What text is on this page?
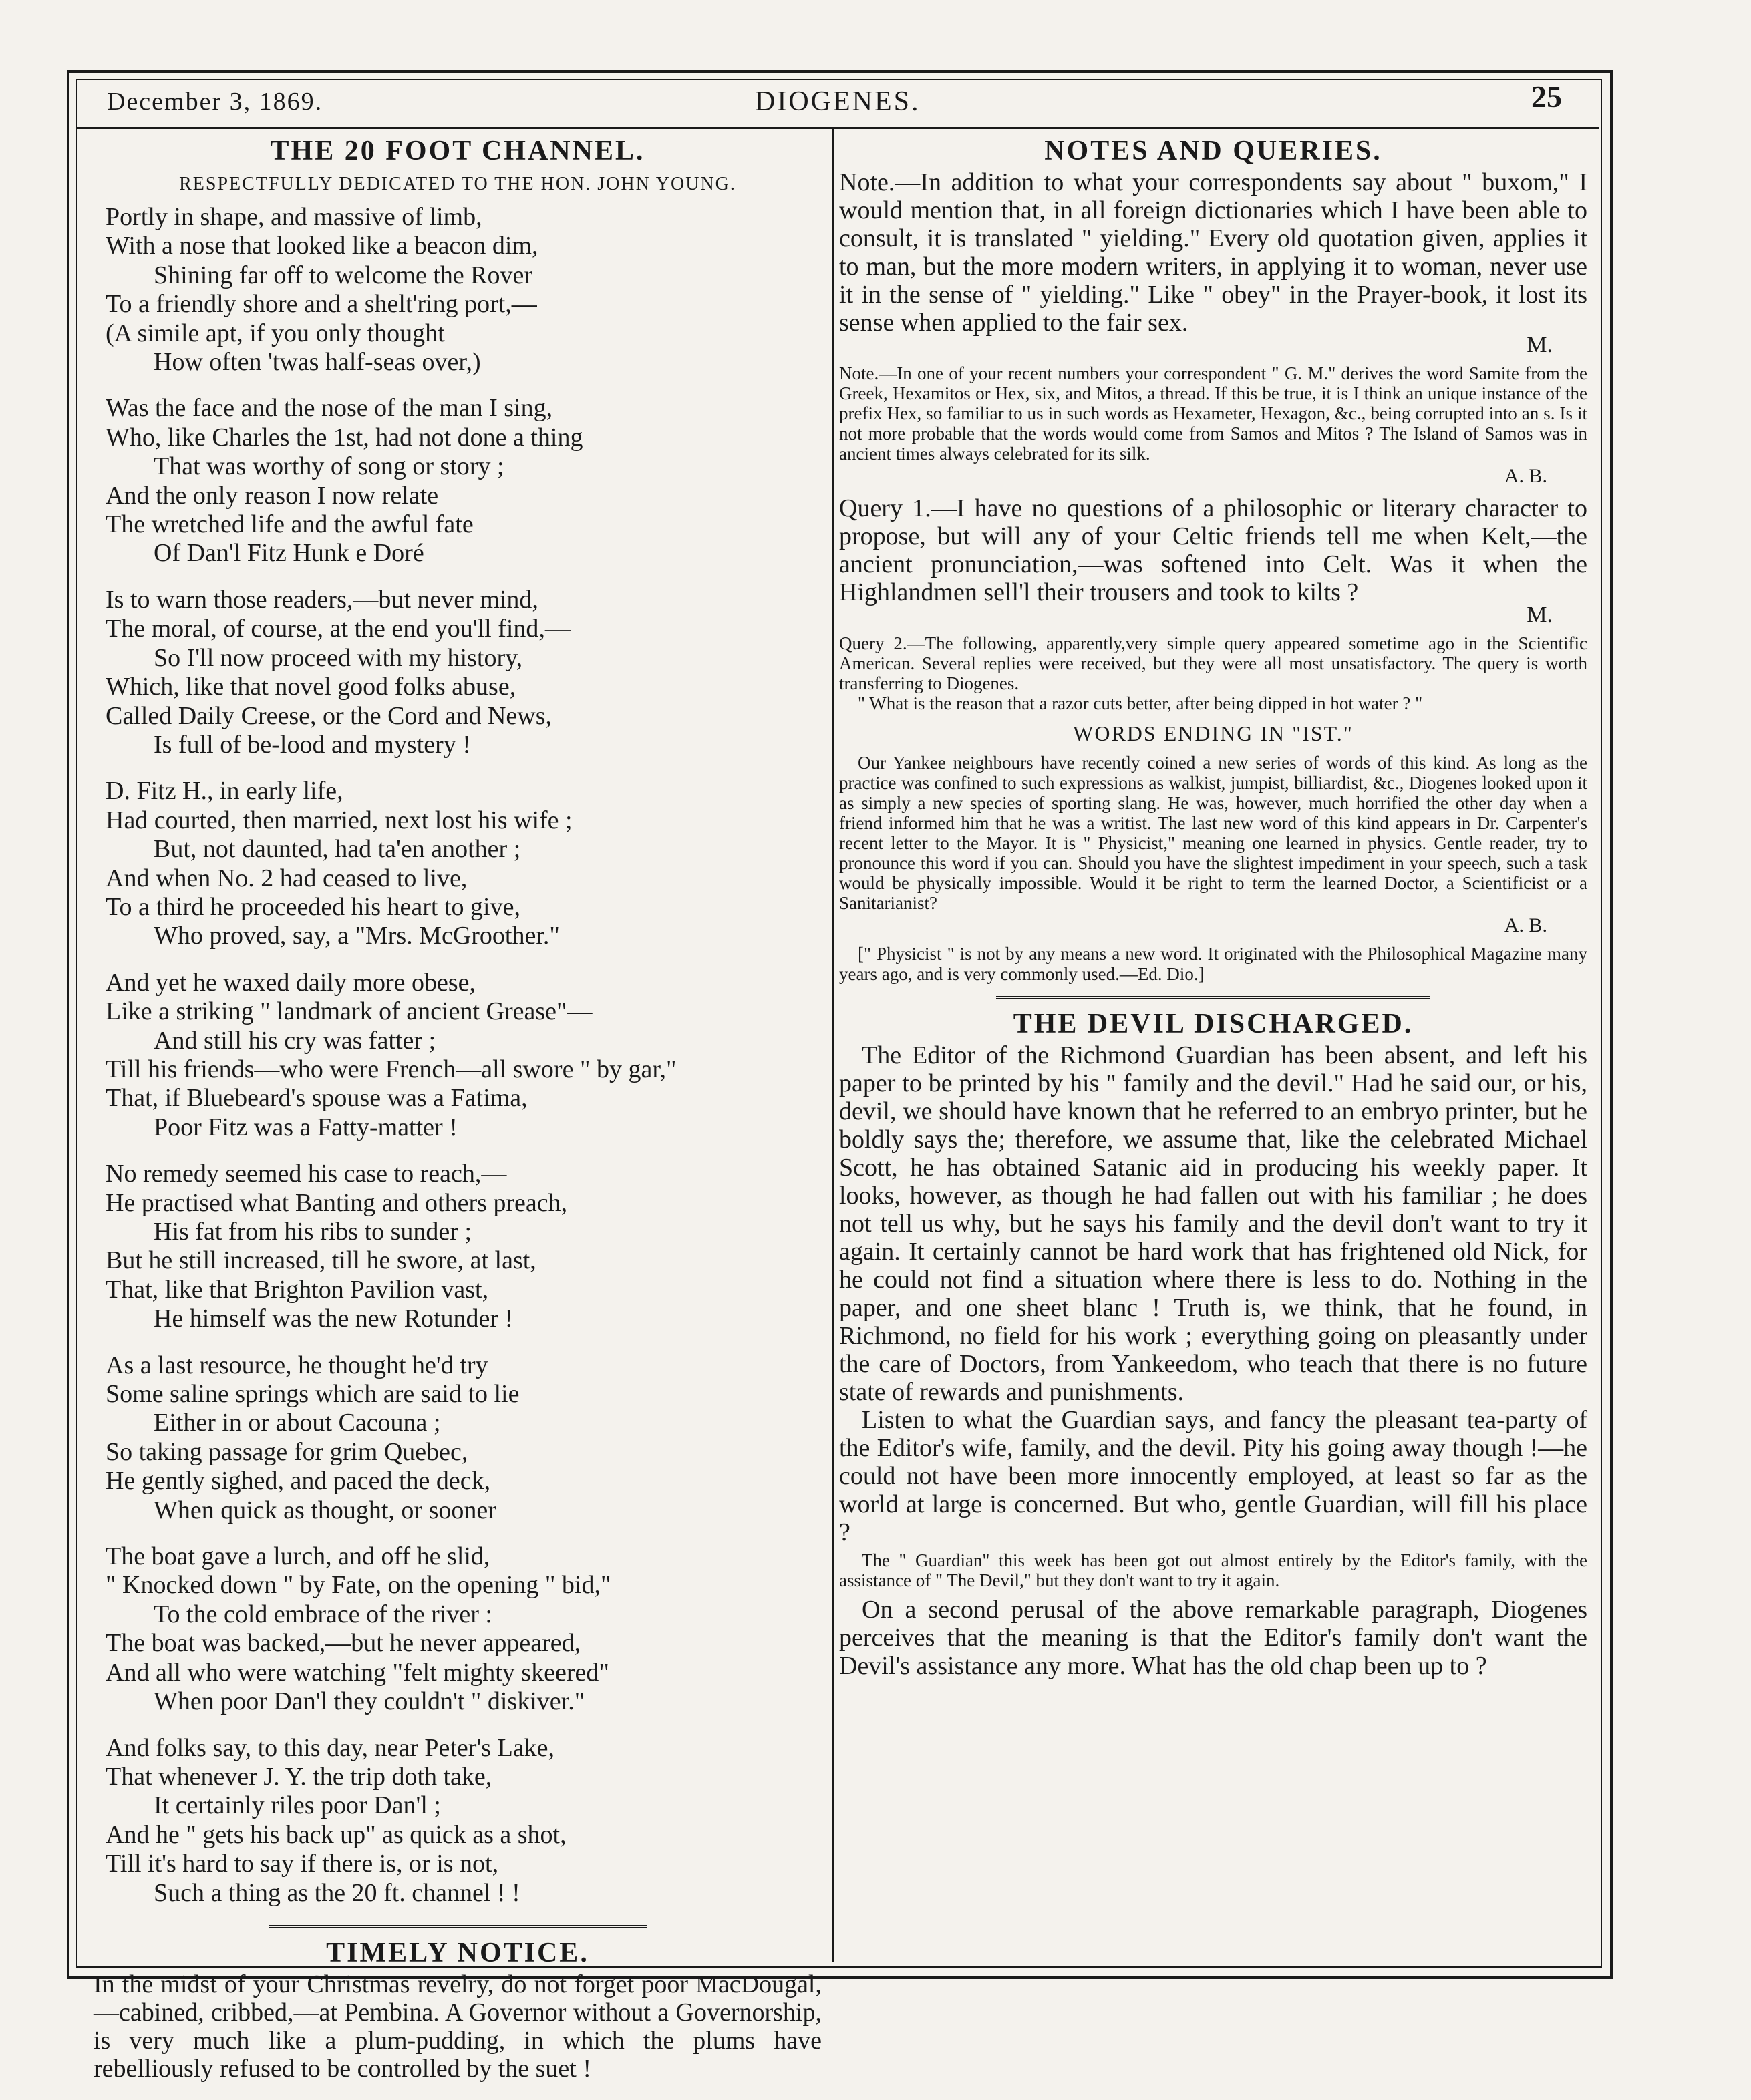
December 3, 1869.	DIOGENES.	25
THE 20 FOOT CHANNEL.
RESPECTFULLY DEDICATED TO THE HON. JOHN YOUNG.
Portly in shape, and massive of limb,
With a nose that looked like a beacon dim,
Shining far off to welcome the Rover
To a friendly shore and a shelt'ring port,—
(A simile apt, if you only thought
How often 'twas half-seas over,)
Was the face and the nose of the man I sing,
Who, like Charles the 1st, had not done a thing
That was worthy of song or story ;
And the only reason I now relate
The wretched life and the awful fate
Of Dan'l Fitz Hunk e Doré
Is to warn those readers,—but never mind,
The moral, of course, at the end you'll find,—
So I'll now proceed with my history,
Which, like that novel good folks abuse,
Called Daily Creese, or the Cord and News,
Is full of be-lood and mystery !
D. Fitz H., in early life,
Had courted, then married, next lost his wife ;
But, not daunted, had ta'en another ;
And when No. 2 had ceased to live,
To a third he proceeded his heart to give,
Who proved, say, a "Mrs. McGroother."
And yet he waxed daily more obese,
Like a striking " landmark of ancient Grease"—
And still his cry was fatter ;
Till his friends—who were French—all swore " by gar,"
That, if Bluebeard's spouse was a Fatima,
Poor Fitz was a Fatty-matter !
No remedy seemed his case to reach,—
He practised what Banting and others preach,
His fat from his ribs to sunder ;
But he still increased, till he swore, at last,
That, like that Brighton Pavilion vast,
He himself was the new Rotunder !
As a last resource, he thought he'd try
Some saline springs which are said to lie
Either in or about Cacouna ;
So taking passage for grim Quebec,
He gently sighed, and paced the deck,
When quick as thought, or sooner
The boat gave a lurch, and off he slid,
" Knocked down " by Fate, on the opening " bid,"
To the cold embrace of the river :
The boat was backed,—but he never appeared,
And all who were watching "felt mighty skeered"
When poor Dan'l they couldn't " diskiver."
And folks say, to this day, near Peter's Lake,
That whenever J. Y. the trip doth take,
It certainly riles poor Dan'l ;
And he " gets his back up" as quick as a shot,
Till it's hard to say if there is, or is not,
Such a thing as the 20 ft. channel ! !
TIMELY NOTICE.

In the midst of your Christmas revelry, do not forget poor MacDougal,—cabined, cribbed,—at Pembina. A Governor without a Governorship, is very much like a plum-pudding, in which the plums have rebelliously refused to be controlled by the suet !

NOTES AND QUERIES.

Note.—In addition to what your correspondents say about " buxom," I would mention that, in all foreign dictionaries which I have been able to consult, it is translated " yielding." Every old quotation given, applies it to man, but the more modern writers, in applying it to woman, never use it in the sense of " yielding." Like " obey" in the Prayer-book, it lost its sense when applied to the fair sex.

M.

Note.—In one of your recent numbers your correspondent " G. M." derives the word Samite from the Greek, Hexamitos or Hex, six, and Mitos, a thread. If this be true, it is I think an unique instance of the prefix Hex, so familiar to us in such words as Hexameter, Hexagon, &c., being corrupted into an s. Is it not more probable that the words would come from Samos and Mitos ? The Island of Samos was in ancient times always celebrated for its silk.

A. B.

Query 1.—I have no questions of a philosophic or literary character to propose, but will any of your Celtic friends tell me when Kelt,—the ancient pronunciation,—was softened into Celt. Was it when the Highlandmen sell'l their trousers and took to kilts ?

M.

Query 2.—The following, apparently,very simple query appeared sometime ago in the Scientific American. Several replies were received, but they were all most unsatisfactory. The query is worth transferring to Diogenes.

" What is the reason that a razor cuts better, after being dipped in hot water ? "

WORDS ENDING IN "IST."

Our Yankee neighbours have recently coined a new series of words of this kind. As long as the practice was confined to such expressions as walkist, jumpist, billiardist, &c., Diogenes looked upon it as simply a new species of sporting slang. He was, however, much horrified the other day when a friend informed him that he was a writist. The last new word of this kind appears in Dr. Carpenter's recent letter to the Mayor. It is " Physicist," meaning one learned in physics. Gentle reader, try to pronounce this word if you can. Should you have the slightest impediment in your speech, such a task would be physically impossible. Would it be right to term the learned Doctor, a Scientificist or a Sanitarianist?

A. B.

[" Physicist " is not by any means a new word. It originated with the Philosophical Magazine many years ago, and is very commonly used.—Ed. Dio.]

THE DEVIL DISCHARGED.

The Editor of the Richmond Guardian has been absent, and left his paper to be printed by his " family and the devil." Had he said our, or his, devil, we should have known that he referred to an embryo printer, but he boldly says the; therefore, we assume that, like the celebrated Michael Scott, he has obtained Satanic aid in producing his weekly paper. It looks, however, as though he had fallen out with his familiar ; he does not tell us why, but he says his family and the devil don't want to try it again. It certainly cannot be hard work that has frightened old Nick, for he could not find a situation where there is less to do. Nothing in the paper, and one sheet blanc ! Truth is, we think, that he found, in Richmond, no field for his work ; everything going on pleasantly under the care of Doctors, from Yankeedom, who teach that there is no future state of rewards and punishments.

Listen to what the Guardian says, and fancy the pleasant tea-party of the Editor's wife, family, and the devil. Pity his going away though !—he could not have been more innocently employed, at least so far as the world at large is concerned. But who, gentle Guardian, will fill his place ?

The " Guardian" this week has been got out almost entirely by the Editor's family, with the assistance of " The Devil," but they don't want to try it again.

On a second perusal of the above remarkable paragraph, Diogenes perceives that the meaning is that the Editor's family don't want the Devil's assistance any more. What has the old chap been up to ?
